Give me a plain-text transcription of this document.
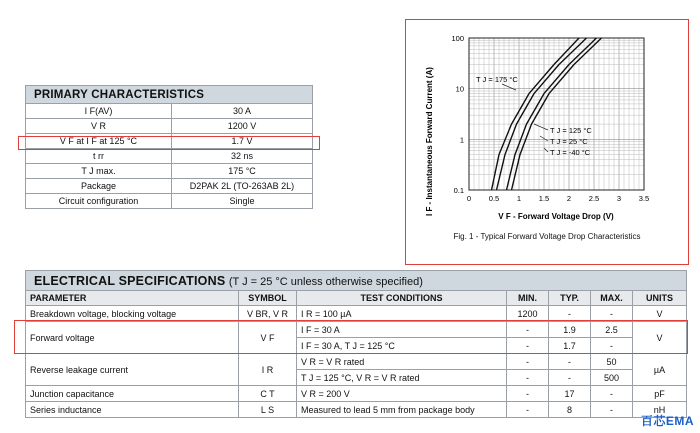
PRIMARY CHARACTERISTICS	
I F(AV)	30 A
V R	1200 V
V F at I F at 125 °C	1.7 V
t rr	32 ns
T J max.	175 °C
Package	D2PAK 2L (TO-263AB 2L)
Circuit configuration	Single
100
10
1
0.1
0 0.5 1 1.5 2 2.5 3 3.5
I F - Instantaneous Forward Current (A)
V F - Forward Voltage Drop (V)
T J = 175 °C
T J = 125 °C
T J = 25 °C
T J = -40 °C
Fig. 1 - Typical Forward Voltage Drop Characteristics
ELECTRICAL SPECIFICATIONS (T J = 25 °C unless otherwise specified)						
PARAMETER	SYMBOL	TEST CONDITIONS	MIN.	TYP.	MAX.	UNITS
Breakdown voltage, blocking voltage	V BR, V R	I R = 100 µA	1200	-	-	V
Forward voltage	V F	I F = 30 A	-	1.9	2.5	V
		I F = 30 A, T J = 125 °C	-	1.7	-	
Reverse leakage current	I R	V R = V R rated	-	-	50	µA
		T J = 125 °C, V R = V R rated	-	-	500	
Junction capacitance	C T	V R = 200 V	-	17	-	pF
Series inductance	L S	Measured to lead 5 mm from package body	-	8	-	nH
百芯EMA
